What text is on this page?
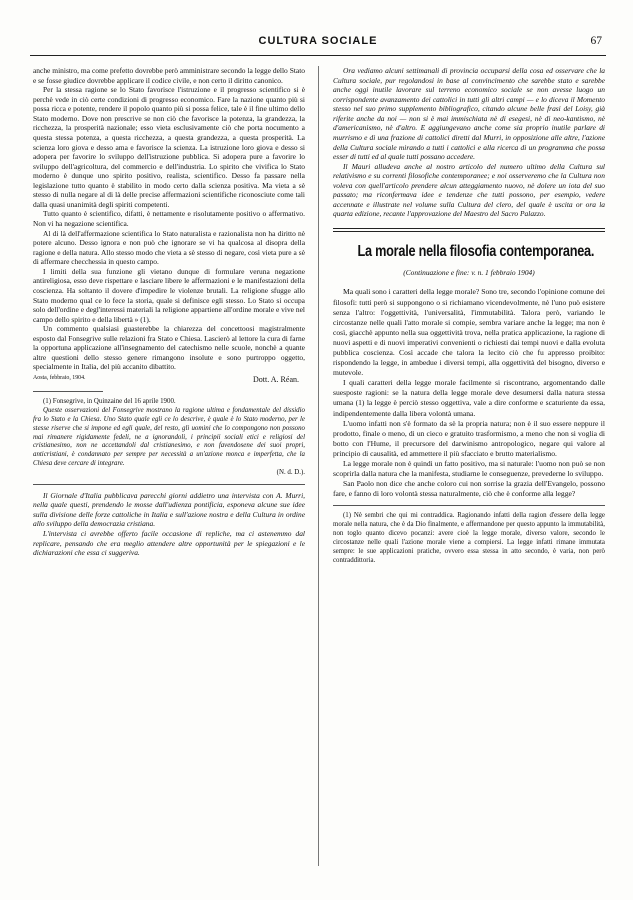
CULTURA SOCIALE	67

anche ministro, ma come prefetto dovrebbe però amministrare secondo la legge dello Stato e se fosse giudice dovrebbe applicare il codice civile, e non certo il diritto canonico.

Per la stessa ragione se lo Stato favorisce l'istruzione e il progresso scientifico si è perchè vede in ciò certe condizioni di progresso economico. Fare la nazione quanto più si possa ricca e potente, rendere il popolo quanto più si possa felice, tale è il fine ultimo dello Stato moderno. Dove non prescrive se non ciò che favorisce la potenza, la grandezza, la ricchezza, la prosperità nazionale; esso vieta esclusivamente ciò che porta nocumento a questa stessa potenza, a questa ricchezza, a questa grandezza, a questa prosperità. La scienza loro giova e desso ama e favorisce la scienza. La istruzione loro giova e desso si adopera per favorire lo sviluppo dell'istruzione pubblica. Si adopera pure a favorire lo sviluppo dell'agricoltura, del commercio e dell'industria. Lo spirito che vivifica lo Stato moderno è dunque uno spirito positivo, realista, scientifico. Desso fa passare nella legislazione tutto quanto è stabilito in modo certo dalla scienza positiva. Ma vieta a sè stesso di nulla negare al di là delle precise affermazioni scientifiche riconosciute come tali dalla quasi unanimità degli spiriti competenti.

Tutto quanto è scientifico, difatti, è nettamente e risolutamente positivo o affermativo. Non vi ha negazione scientifica.

Al di là dell'affermazione scientifica lo Stato naturalista e razionalista non ha diritto nè potere alcuno. Desso ignora e non può che ignorare se vi ha qualcosa al disopra della ragione e della natura. Allo stesso modo che vieta a sè stesso di negare, così vieta pure a sè di affermare checchessia in questo campo.

I limiti della sua funzione gli vietano dunque di formulare veruna negazione antireligiosa, esso deve rispettare e lasciare libere le affermazioni e le manifestazioni della coscienza. Ha soltanto il dovere d'impedire le violenze brutali. La religione sfugge allo Stato moderno qual ce lo fece la storia, quale si definisce egli stesso. Lo Stato si occupa solo dell'ordine e degl'interessi materiali la religione appartiene all'ordine morale e vive nel campo dello spirito e della libertà » (1).

Un commento qualsiasi guasterebbe la chiarezza del concettoosi magistralmente esposto dal Fonsegrive sulle relazioni fra Stato e Chiesa. Lascierò al lettore la cura di farne la opportuna applicazione all'insegnamento del catechismo nelle scuole, nonchè a quante altre questioni dello stesso genere rimangono insolute e sono purtroppo oggetto, specialmente in Italia, del più accanito dibattito.

Aosta, febbraio, 1904.	Dott. A. Réan.

(1) Fonsegrive, in Quinzaine del 16 aprile 1900.

Queste osservazioni del Fonsegrive mostrano la ragione ultima e fondamentale del dissidio fra lo Stato e la Chiesa. Uno Stato quale egli ce lo descrive, è quale è lo Stato moderno, per le stesse riserve che si impone ed egli quale, del resto, gli uomini che lo compongono non possono mai rimanere rigidamente fedeli, ne a ignorandoli, i principii sociali etici e religiosi del cristianesimo, non ne accettandoli dal cristianesimo, e non favendosene dei suoi propri, anticristiani, è condannato per sempre per necessità a un'azione monca e imperfetta, che la Chiesa deve cercare di integrare.

(N. d. D.).

Il Giornale d'Italia pubblicava parecchi giorni addietro una intervista con A. Murri, nella quale questi, prendendo le mosse dall'udienza pontificia, esponeva alcune sue idee sulla divisione delle forze cattoliche in Italia e sull'azione nostra e della Cultura in ordine allo sviluppo della democrazia cristiana.

L'intervista ci avrebbe offerto facile occasione di repliche, ma ci astenemmo dal replicare, pensando che era meglio attendere altre opportunità per le spiegazioni e le dichiarazioni che essa ci suggeriva.

Ora vediamo alcuni settimanali di provincia occuparsi della cosa ed osservare che la Cultura sociale, pur regolandosi in base al convincimento che sarebbe stato e sarebbe anche oggi inutile lavorare sul terreno economico sociale se non avesse luogo un corrispondente avanzamento dei cattolici in tutti gli altri campi — e lo diceva il Momento stesso nel suo primo supplemento bibliografico, citando alcune belle frasi del Loisy, già riferite anche da noi — non si è mai immischiata nè di esegesi, nè di neo-kantismo, nè d'americanismo, nè d'altro. E aggiungevano anche come sia proprio inutile parlare di murrismo e di una frazione di cattolici diretti dal Murri, in opposizione alle altre, l'azione della Cultura sociale mirando a tutti i cattolici e alla ricerca di un programma che possa esser di tutti ed al quale tutti possano accedere.

Il Mauri alludeva anche al nostro articolo del numero ultimo della Cultura sul relativismo e su correnti filosofiche contemporanee; e noi osserveremo che la Cultura non voleva con quell'articolo prendere alcun atteggiamento nuovo, nè dolere un iota del suo passato; ma riconfermava idee e tendenze che tutti possono, per esempio, vedere accennate e illustrate nel volume sulla Cultura del clero, del quale è uscita or ora la quarta edizione, recante l'approvazione del Maestro del Sacro Palazzo.

La morale nella filosofia contemporanea.
(Continuazione e fine: v. n. 1 febbraio 1904)

Ma quali sono i caratteri della legge morale? Sono tre, secondo l'opinione comune dei filosofi: tutti però si suppongono o si richiamano vicendevolmente, nè l'uno può esistere senza l'altro: l'oggettività, l'universalità, l'immutabilità. Talora però, variando le circostanze nelle quali l'atto morale si compie, sembra variare anche la legge; ma non è così, giacchè appunto nella sua oggettività trova, nella pratica applicazione, la ragione di nuovi aspetti e di nuovi imperativi convenienti o richiesti dai tempi nuovi e dalla evoluta pubblica coscienza. Così accade che talora la lecito ciò che fu appresso proibito: rispondendo la legge, in ambedue i diversi tempi, alla oggettività del bisogno, diverso e mutevole.

I quali caratteri della legge morale facilmente si riscontrano, argomentando dalle suesposte ragioni: se la natura della legge morale deve desumersi dalla natura stessa umana (1) la legge è perciò stesso oggettiva, vale a dire conforme e scaturiente da essa, indipendentemente dalla libera volontà umana.

L'uomo infatti non s'è formato da sè la propria natura; non è il suo essere neppure il prodotto, finale o meno, di un cieco e gratuito trasformismo, a meno che non si voglia di botto con l'Hume, il precursore del darwinismo antropologico, negare qui valore al principio di causalità, ed ammettere il più sfacciato e brutto materialismo.

La legge morale non è quindi un fatto positivo, ma si naturale: l'uomo non può se non scoprirla dalla natura che la manifesta, studiarne le conseguenze, prevederne lo sviluppo.

San Paolo non dice che anche coloro cui non sorrise la grazia dell'Evangelo, possono fare, e fanno di loro volontà stessa naturalmente, ciò che è conforme alla legge?

(1) Nè sembri che qui mi contraddica. Ragionando infatti della ragion d'essere della legge morale nella natura, che è da Dio finalmente, e affermandone per questo appunto la immutabilità, non toglo quanto dicevo pocanzi: avere cioè la legge morale, diverso valore, secondo le circostanze nelle quali l'azione morale viene a compiersi. La legge infatti rimane immutata sempre: le sue applicazioni pratiche, ovvero essa stessa in atto secondo, è varia, non però contraddittoria.
